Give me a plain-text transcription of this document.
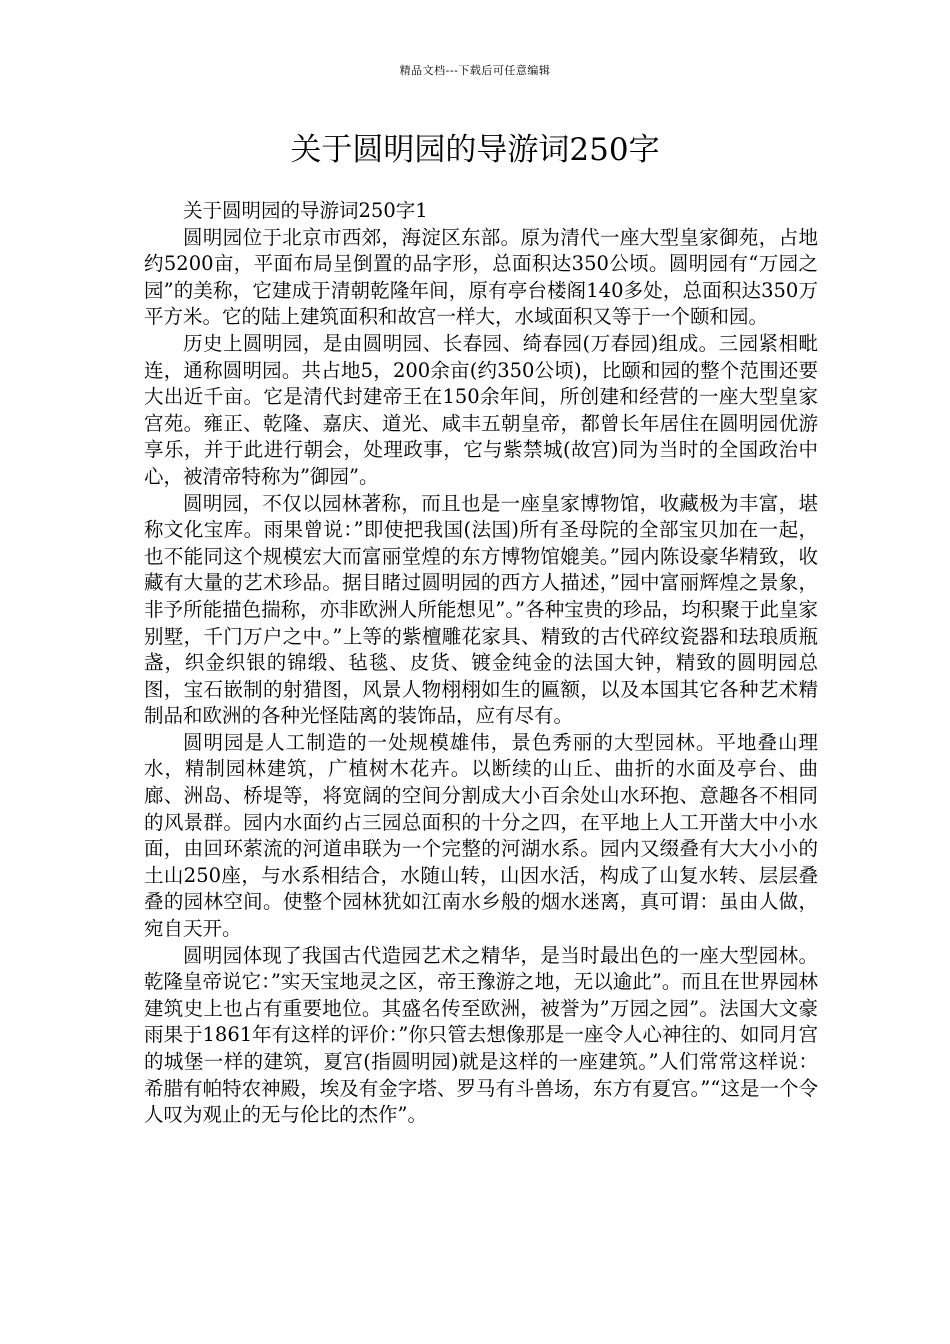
精品文档---下载后可任意编辑
关于圆明园的导游词250字

关于圆明园的导游词250字1

圆明园位于北京市西郊，海淀区东部。原为清代一座大型皇家御苑，占地约5200亩，平面布局呈倒置的品字形，总面积达350公顷。圆明园有“万园之园”的美称，它建成于清朝乾隆年间，原有亭台楼阁140多处，总面积达350万平方米。它的陆上建筑面积和故宫一样大，水域面积又等于一个颐和园。

历史上圆明园，是由圆明园、长春园、绮春园(万春园)组成。三园紧相毗连，通称圆明园。共占地5，200余亩(约350公顷)，比颐和园的整个范围还要大出近千亩。它是清代封建帝王在150余年间，所创建和经营的一座大型皇家宫苑。雍正、乾隆、嘉庆、道光、咸丰五朝皇帝，都曾长年居住在圆明园优游享乐，并于此进行朝会，处理政事，它与紫禁城(故宫)同为当时的全国政治中心，被清帝特称为”御园”。

圆明园，不仅以园林著称，而且也是一座皇家博物馆，收藏极为丰富，堪称文化宝库。雨果曾说：”即使把我国(法国)所有圣母院的全部宝贝加在一起，也不能同这个规模宏大而富丽堂煌的东方博物馆媲美。”园内陈设豪华精致，收藏有大量的艺术珍品。据目睹过圆明园的西方人描述，”园中富丽辉煌之景象，非予所能描色揣称，亦非欧洲人所能想见”。”各种宝贵的珍品，均积聚于此皇家别墅，千门万户之中。”上等的紫檀雕花家具、精致的古代碎纹瓷器和珐琅质瓶盏，织金织银的锦缎、毡毯、皮货、镀金纯金的法国大钟，精致的圆明园总图，宝石嵌制的射猎图，风景人物栩栩如生的匾额，以及本国其它各种艺术精制品和欧洲的各种光怪陆离的装饰品，应有尽有。

圆明园是人工制造的一处规模雄伟，景色秀丽的大型园林。平地叠山理水，精制园林建筑，广植树木花卉。以断续的山丘、曲折的水面及亭台、曲廊、洲岛、桥堤等，将宽阔的空间分割成大小百余处山水环抱、意趣各不相同的风景群。园内水面约占三园总面积的十分之四，在平地上人工开凿大中小水面，由回环萦流的河道串联为一个完整的河湖水系。园内又缀叠有大大小小的土山250座，与水系相结合，水随山转，山因水活，构成了山复水转、层层叠叠的园林空间。使整个园林犹如江南水乡般的烟水迷离，真可谓：虽由人做，宛自天开。

圆明园体现了我国古代造园艺术之精华，是当时最出色的一座大型园林。乾隆皇帝说它：”实天宝地灵之区，帝王豫游之地，无以逾此”。而且在世界园林建筑史上也占有重要地位。其盛名传至欧洲，被誉为”万园之园”。法国大文豪雨果于1861年有这样的评价：”你只管去想像那是一座令人心神往的、如同月宫的城堡一样的建筑，夏宫(指圆明园)就是这样的一座建筑。”人们常常这样说：希腊有帕特农神殿，埃及有金字塔、罗马有斗兽场，东方有夏宫。”“这是一个令人叹为观止的无与伦比的杰作”。
